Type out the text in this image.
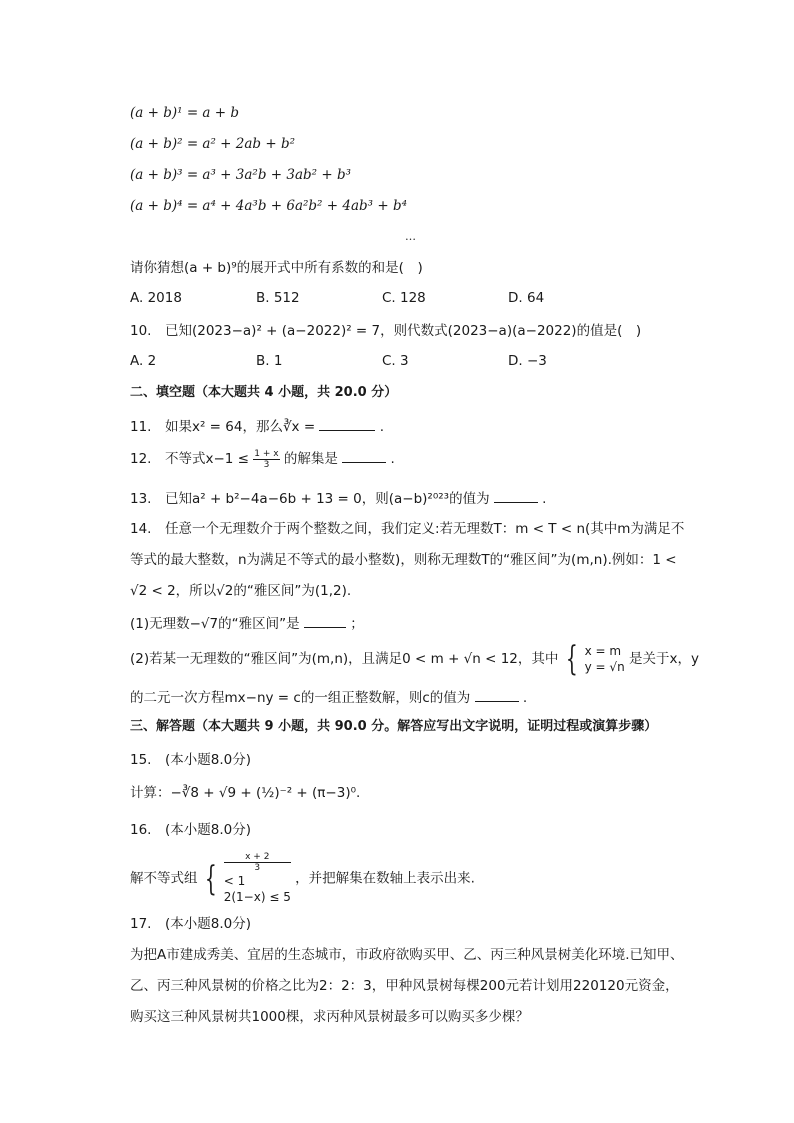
(a + b)¹ = a + b
(a + b)² = a² + 2ab + b²
(a + b)³ = a³ + 3a²b + 3ab² + b³
(a + b)⁴ = a⁴ + 4a³b + 6a²b² + 4ab³ + b⁴
…
请你猜想(a + b)⁹的展开式中所有系数的和是(　)
A. 2018	B. 512	C. 128	D. 64
10.　已知(2023−a)² + (a−2022)² = 7，则代数式(2023−a)(a−2022)的值是(　)
A. 2	B. 1	C. 3	D. −3
二、填空题（本大题共 4 小题，共 20.0 分）
11.　如果x² = 64，那么∛x =	.
12.　不等式$x-1 \le \frac{1 + x}{3}$ 的解集是	.
13.　已知a² + b²−4a−6b + 13 = 0，则(a−b)²⁰²³的值为	.
14.　任意一个无理数介于两个整数之间，我们定义:若无理数T：m < T < n(其中m为满足不
等式的最大整数，n为满足不等式的最小整数)，则称无理数T的“雅区间”为(m,n).例如：1 <
√2 < 2，所以√2的“雅区间”为(1,2).
(1)无理数−√7的“雅区间”是	；
(2)若某一无理数的“雅区间”为(m,n)，且满足0 < m + √n < 12，其中 { x = m
y = √n 是关于x，y
的二元一次方程mx−ny = c的一组正整数解，则c的值为	.
三、解答题（本大题共 9 小题，共 90.0 分。解答应写出文字说明，证明过程或演算步骤）
15.　(本小题8.0分)
计算：−∛8 + √9 + (½)⁻² + (π−3)⁰.
16.　(本小题8.0分)
解不等式组 {
x + 2
3
< 1
2(1−x) ≤ 5
，并把解集在数轴上表示出来.
17.　(本小题8.0分)
为把A市建成秀美、宜居的生态城市，市政府欲购买甲、乙、丙三种风景树美化环境.已知甲、
乙、丙三种风景树的价格之比为2：2：3，甲种风景树每棵200元若计划用220120元资金，
购买这三种风景树共1000棵，求丙种风景树最多可以购买多少棵？
